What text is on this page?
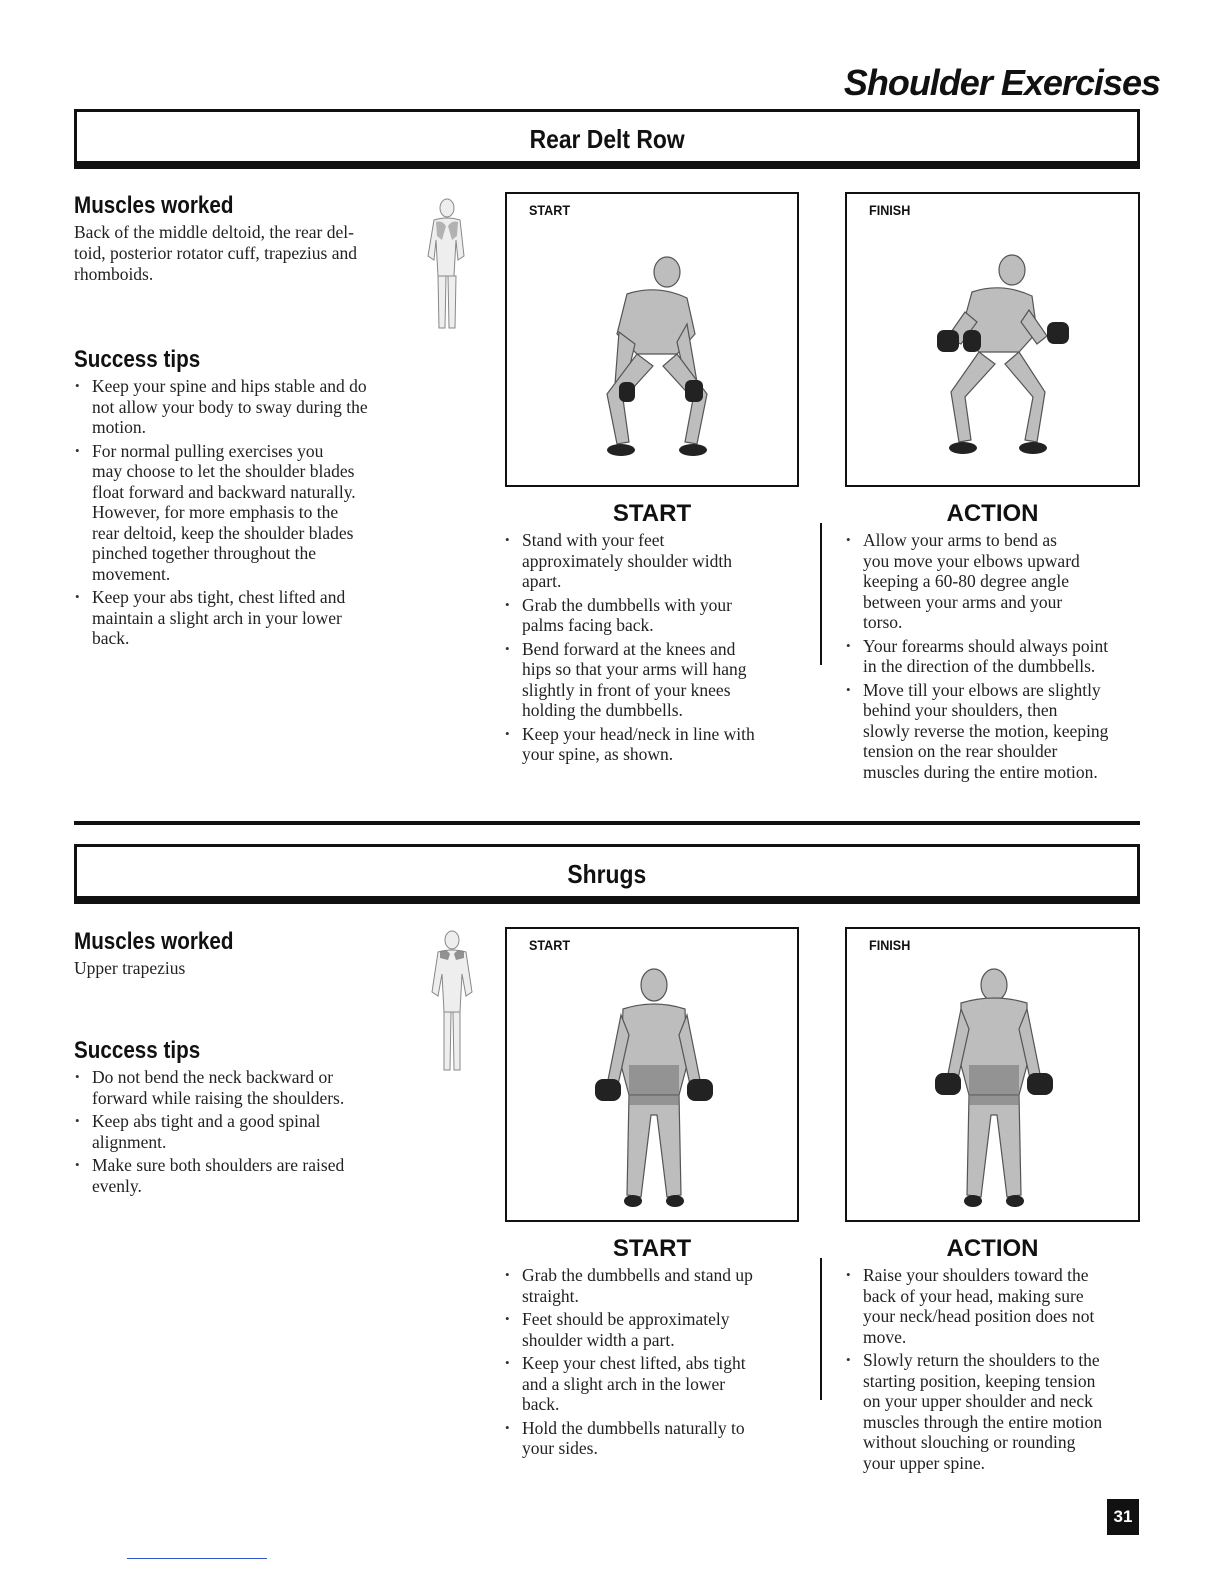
Shoulder Exercises
Rear Delt Row
Muscles worked
Back of the middle deltoid, the rear del-
toid, posterior rotator cuff, trapezius and
rhomboids.
Success tips
• Keep your spine and hips stable and do
not allow your body to sway during the
motion.
• For normal pulling exercises you
may choose to let the shoulder blades
float forward and backward naturally.
However, for more emphasis to the
rear deltoid, keep the shoulder blades
pinched together throughout the
movement.
• Keep your abs tight, chest lifted and
maintain a slight arch in your lower
back.
START	FINISH
START	ACTION
• Stand with your feet
approximately shoulder width
apart.
• Grab the dumbbells with your
palms facing back.
• Bend forward at the knees and
hips so that your arms will hang
slightly in front of your knees
holding the dumbbells.
• Keep your head/neck in line with
your spine, as shown.
• Allow your arms to bend as
you move your elbows upward
keeping a 60-80 degree angle
between your arms and your
torso.
• Your forearms should always point
in the direction of the dumbbells.
• Move till your elbows are slightly
behind your shoulders, then
slowly reverse the motion, keeping
tension on the rear shoulder
muscles during the entire motion.
Shrugs
Muscles worked
Upper trapezius
Success tips
• Do not bend the neck backward or
forward while raising the shoulders.
• Keep abs tight and a good spinal
alignment.
• Make sure both shoulders are raised
evenly.
START	FINISH
START	ACTION
• Grab the dumbbells and stand up
straight.
• Feet should be approximately
shoulder width a part.
• Keep your chest lifted, abs tight
and a slight arch in the lower
back.
• Hold the dumbbells naturally to
your sides.
• Raise your shoulders toward the
back of your head, making sure
your neck/head position does not
move.
• Slowly return the shoulders to the
starting position, keeping tension
on your upper shoulder and neck
muscles through the entire motion
without slouching or rounding
your upper spine.
31
